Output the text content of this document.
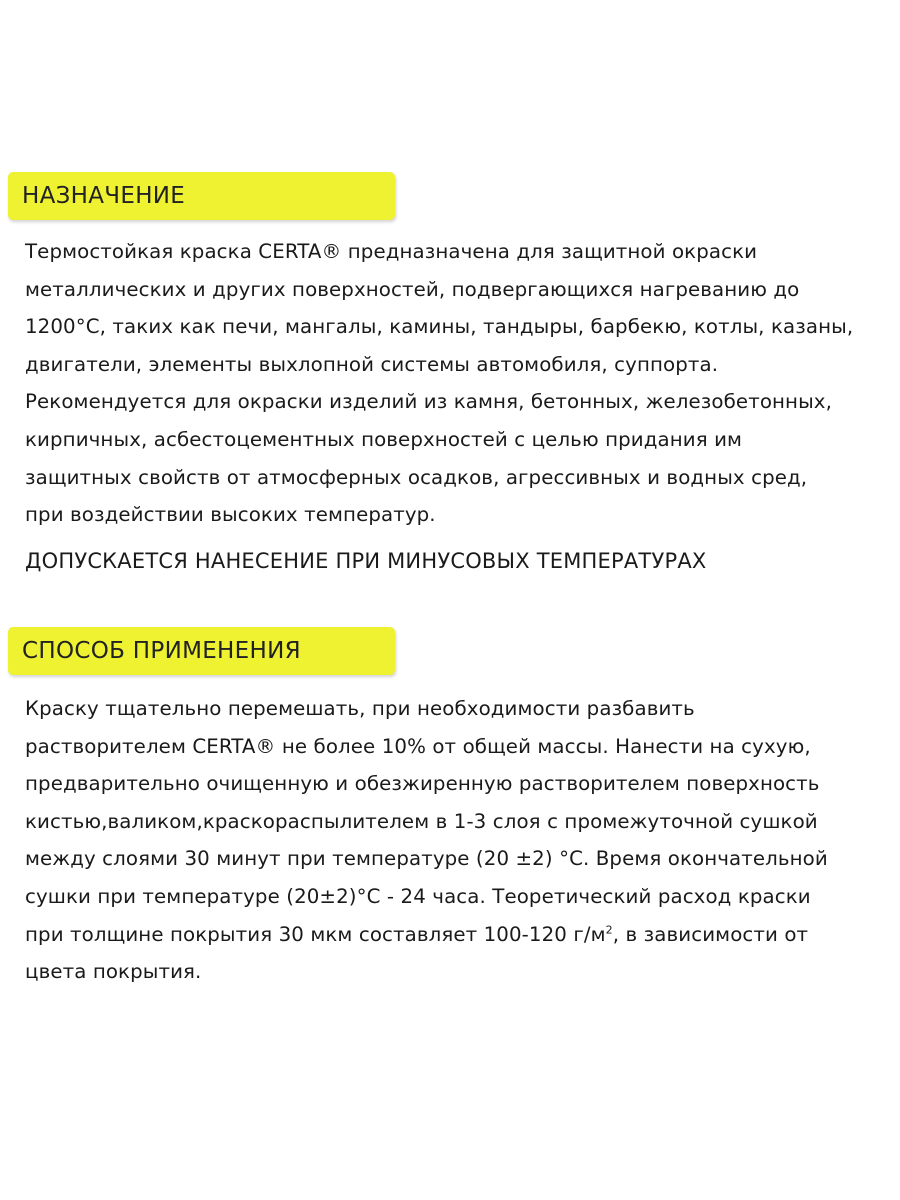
НАЗНАЧЕНИЕ

Термостойкая краска CERTA® предназначена для защитной окраски
металлических и других поверхностей, подвергающихся нагреванию до
1200°С, таких как печи, мангалы, камины, тандыры, барбекю, котлы, казаны,
двигатели, элементы выхлопной системы автомобиля, суппорта.
Рекомендуется для окраски изделий из камня, бетонных, железобетонных,
кирпичных, асбестоцементных поверхностей с целью придания им
защитных свойств от атмосферных осадков, агрессивных и водных сред,
при воздействии высоких температур.

ДОПУСКАЕТСЯ НАНЕСЕНИЕ ПРИ МИНУСОВЫХ ТЕМПЕРАТУРАХ
СПОСОБ ПРИМЕНЕНИЯ

Краску тщательно перемешать, при необходимости разбавить
растворителем CERTA® не более 10% от общей массы. Нанести на сухую,
предварительно очищенную и обезжиренную растворителем поверхность
кистью,валиком,краскораспылителем в 1-3 слоя с промежуточной сушкой
между слоями 30 минут при температуре (20 ±2) °С. Время окончательной
сушки при температуре (20±2)°С - 24 часа. Теоретический расход краски
при толщине покрытия 30 мкм составляет 100-120 $г/м^2$, в зависимости от
цвета покрытия.
